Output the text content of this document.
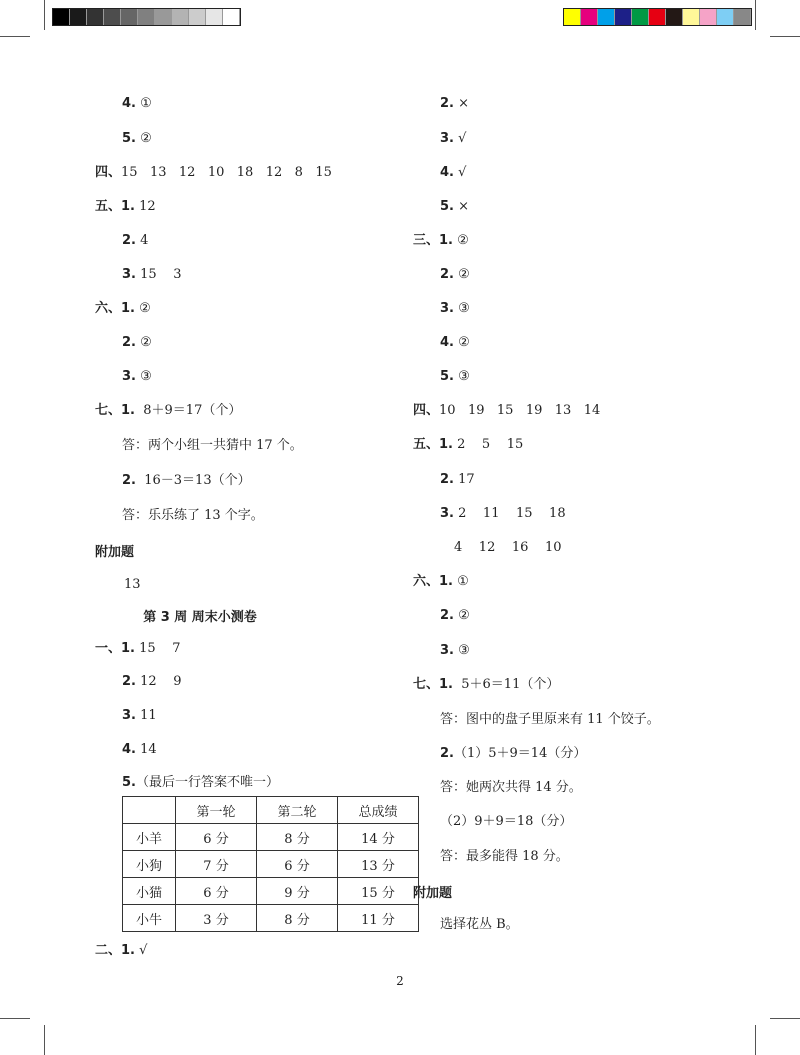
4. ①
5. ②
四、15   13   12   10   18   12   8   15
五、1. 12
2. 4
3. 15    3
六、1. ②
2. ②
3. ③
七、1.  8＋9＝17（个）
答：两个小组一共猜中 17 个。
2.  16－3＝13（个）
答：乐乐练了 13 个字。
13
一、1. 15    7
2. 12    9
3. 11
4. 14
5.（最后一行答案不唯一）
二、1. √
2. ×
3. √
4. √
5. ×
三、1. ②
2. ②
3. ③
4. ②
5. ③
四、10   19   15   19   13   14
五、1. 2    5    15
2. 17
3. 2    11    15    18
4    12    16    10
六、1. ①
2. ②
3. ③
七、1.  5＋6＝11（个）
答：图中的盘子里原来有 11 个饺子。
2.（1）5＋9＝14（分）
答：她两次共得 14 分。
（2）9＋9＝18（分）
答：最多能得 18 分。
选择花丛 B。
附加题
第 3 周 周末小测卷
	第一轮	第二轮	总成绩
小羊	6 分	8 分	14 分
小狗	7 分	6 分	13 分
小猫	6 分	9 分	15 分
小牛	3 分	8 分	11 分
附加题
2
